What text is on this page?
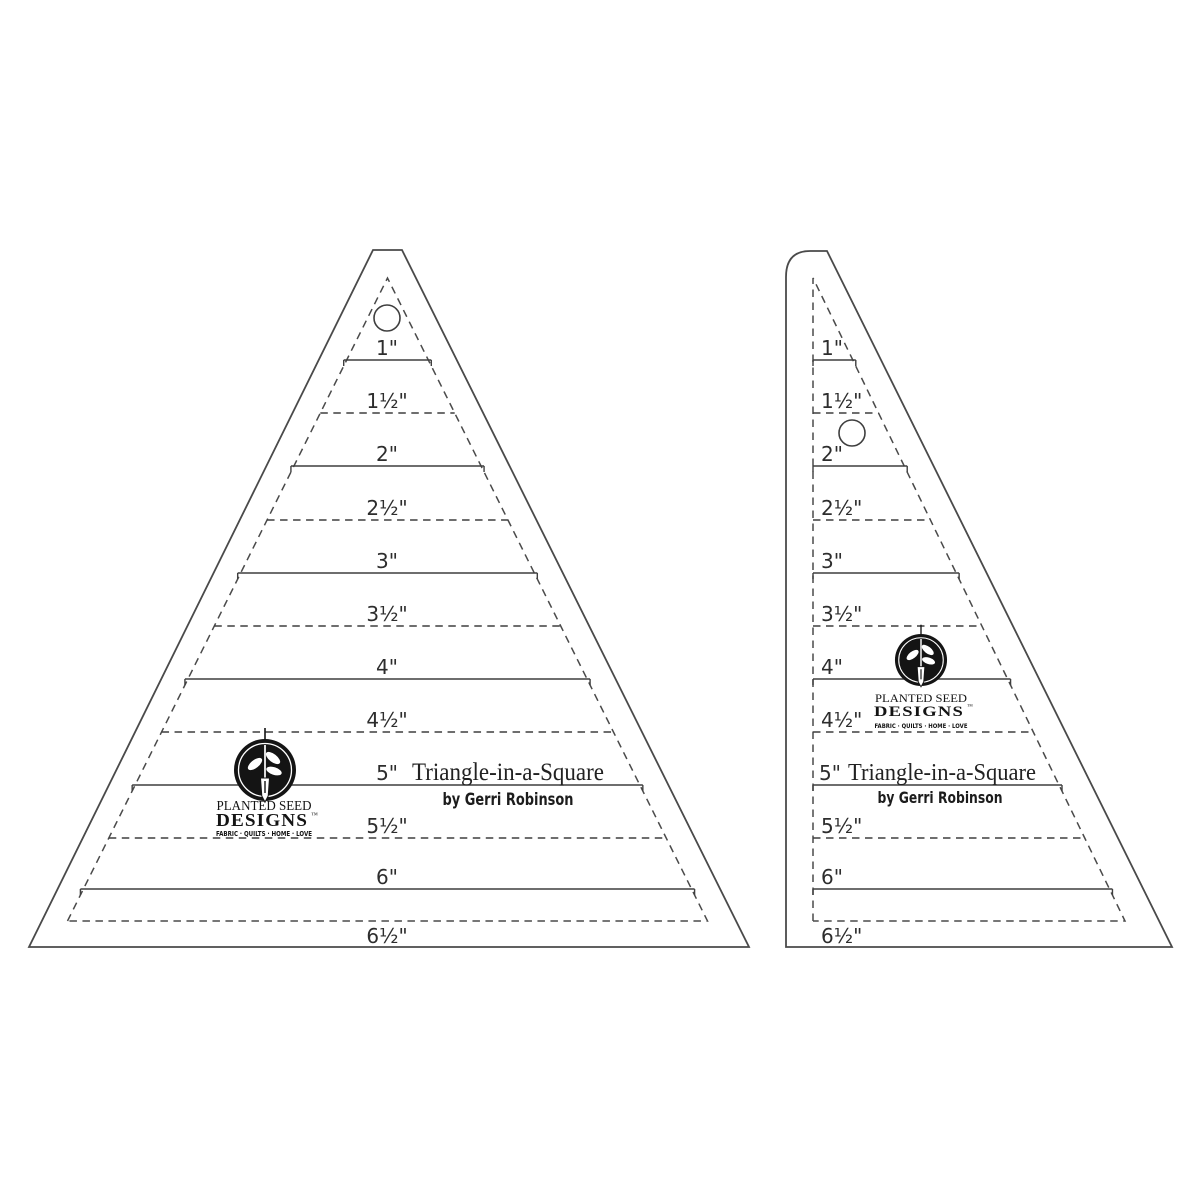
1"
1½"
2"
2½"
3"
3½"
4"
4½"
5½"
6"
6½"
PLANTED SEED
DESIGNS ™
FABRIC · QUILTS · HOME · LOVE
5" Triangle-in-a-Square
by Gerri Robinson
1"
1½"
2"
2½"
3"
3½"
4"
4½"
5½"
6"
6½"
PLANTED SEED
DESIGNS ™
FABRIC · QUILTS · HOME · LOVE
5" Triangle-in-a-Square
by Gerri Robinson
